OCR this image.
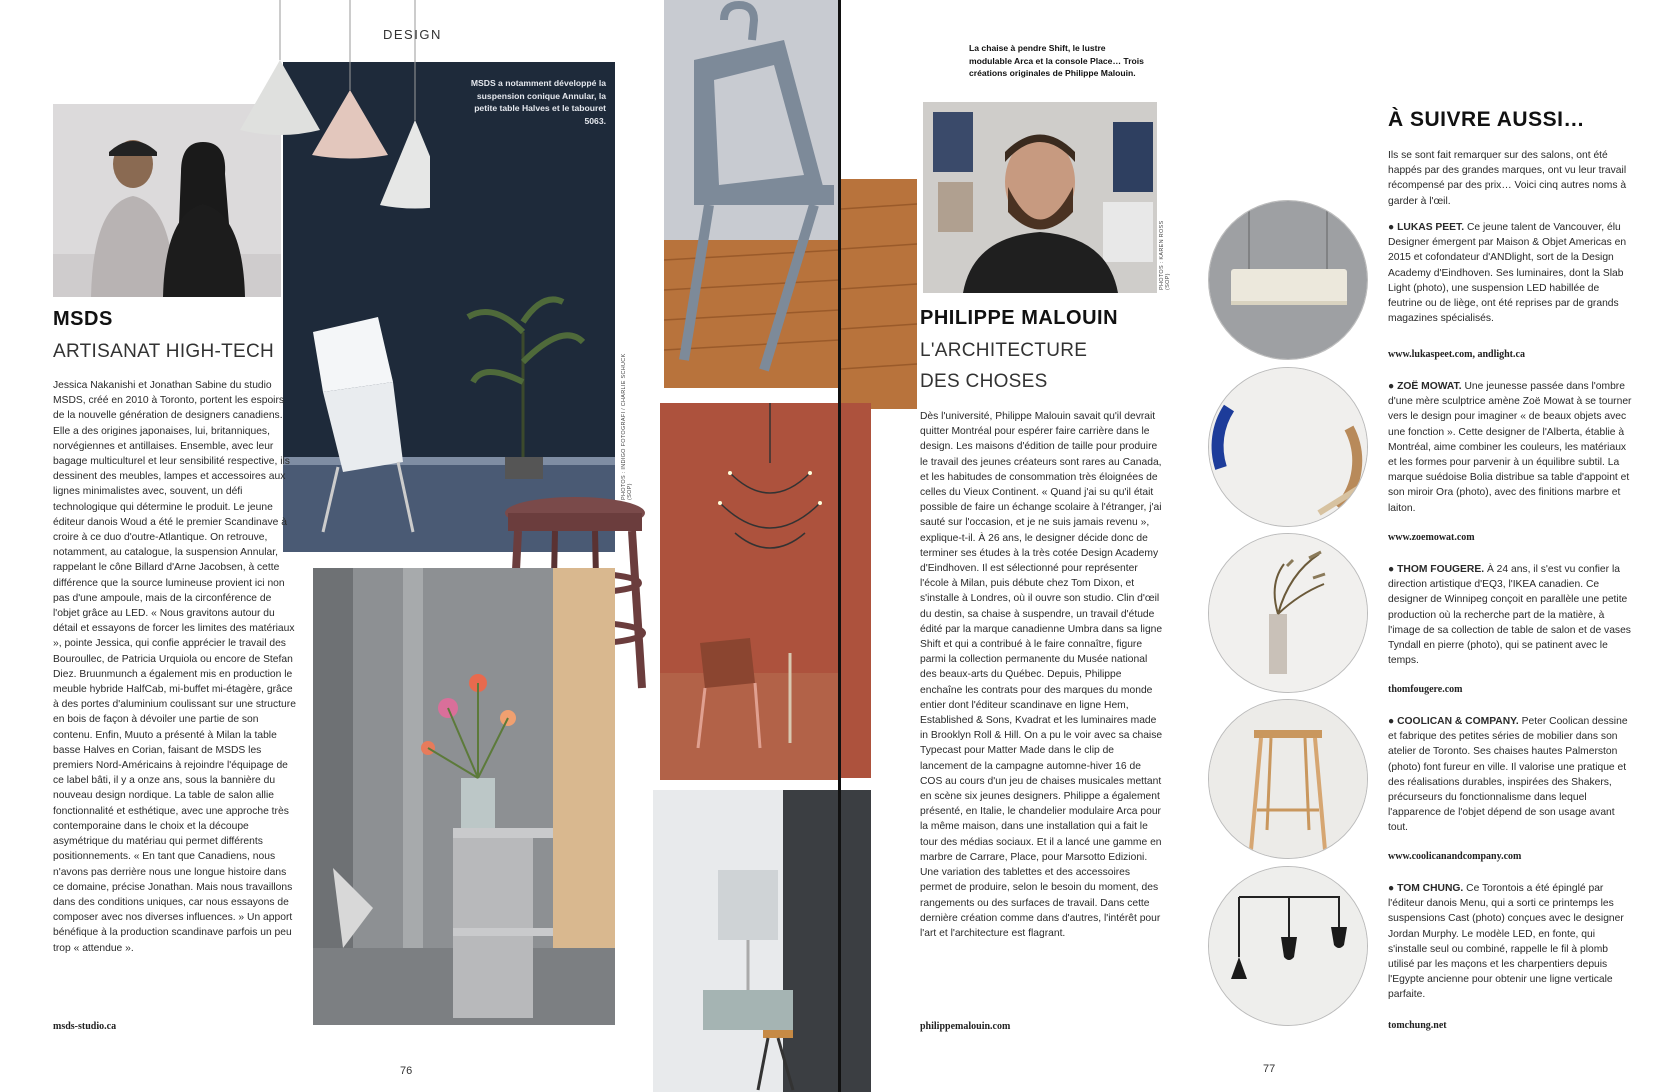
DESIGN
MSDS a notamment développé la suspension conique Annular, la petite table Halves et le tabouret 5063.
PHOTOS : INDIGO FOTOGRAFI / CHARLIE SCHUCK (SOP)
MSDS
ARTISANAT HIGH-TECH
Jessica Nakanishi et Jonathan Sabine du studio MSDS, créé en 2010 à Toronto, portent les espoirs de la nouvelle génération de designers canadiens. Elle a des origines japonaises, lui, britanniques, norvégiennes et antillaises. Ensemble, avec leur bagage multiculturel et leur sensibilité respective, ils dessinent des meubles, lampes et accessoires aux lignes minimalistes avec, souvent, un défi technologique qui détermine le produit. Le jeune éditeur danois Woud a été le premier Scandinave à croire à ce duo d'outre-Atlantique. On retrouve, notamment, au catalogue, la suspension Annular, rappelant le cône Billard d'Arne Jacobsen, à cette différence que la source lumineuse provient ici non pas d'une ampoule, mais de la circonférence de l'objet grâce au LED. « Nous gravitons autour du détail et essayons de forcer les limites des matériaux », pointe Jessica, qui confie apprécier le travail des Bouroullec, de Patricia Urquiola ou encore de Stefan Diez. Bruunmunch a également mis en production le meuble hybride HalfCab, mi-buffet mi-étagère, grâce à des portes d'aluminium coulissant sur une structure en bois de façon à dévoiler une partie de son contenu. Enfin, Muuto a présenté à Milan la table basse Halves en Corian, faisant de MSDS les premiers Nord-Américains à rejoindre l'équipage de ce label bâti, il y a onze ans, sous la bannière du nouveau design nordique. La table de salon allie fonctionnalité et esthétique, avec une approche très contemporaine dans le choix et la découpe asymétrique du matériau qui permet différents positionnements. « En tant que Canadiens, nous n'avons pas derrière nous une longue histoire dans ce domaine, précise Jonathan. Mais nous travaillons dans des conditions uniques, car nous essayons de composer avec nos diverses influences. » Un apport bénéfique à la production scandinave parfois un peu trop « attendue ».
msds-studio.ca
76
La chaise à pendre Shift, le lustre modulable Arca et la console Place… Trois créations originales de Philippe Malouin.
PHOTOS : KAREN ROSS (SOP)
PHILIPPE MALOUIN
L'ARCHITECTURE
DES CHOSES
Dès l'université, Philippe Malouin savait qu'il devrait quitter Montréal pour espérer faire carrière dans le design. Les maisons d'édition de taille pour produire le travail des jeunes créateurs sont rares au Canada, et les habitudes de consommation très éloignées de celles du Vieux Continent. « Quand j'ai su qu'il était possible de faire un échange scolaire à l'étranger, j'ai sauté sur l'occasion, et je ne suis jamais revenu », explique-t-il. À 26 ans, le designer décide donc de terminer ses études à la très cotée Design Academy d'Eindhoven. Il est sélectionné pour représenter l'école à Milan, puis débute chez Tom Dixon, et s'installe à Londres, où il ouvre son studio. Clin d'œil du destin, sa chaise à suspendre, un travail d'étude édité par la marque canadienne Umbra dans sa ligne Shift et qui a contribué à le faire connaître, figure parmi la collection permanente du Musée national des beaux-arts du Québec. Depuis, Philippe enchaîne les contrats pour des marques du monde entier dont l'éditeur scandinave en ligne Hem, Established & Sons, Kvadrat et les luminaires made in Brooklyn Roll & Hill. On a pu le voir avec sa chaise Typecast pour Matter Made dans le clip de lancement de la campagne automne-hiver 16 de COS au cours d'un jeu de chaises musicales mettant en scène six jeunes designers. Philippe a également présenté, en Italie, le chandelier modulaire Arca pour la même maison, dans une installation qui a fait le tour des médias sociaux. Et il a lancé une gamme en marbre de Carrare, Place, pour Marsotto Edizioni. Une variation des tablettes et des accessoires permet de produire, selon le besoin du moment, des rangements ou des surfaces de travail. Dans cette dernière création comme dans d'autres, l'intérêt pour l'art et l'architecture est flagrant.
philippemalouin.com
À SUIVRE AUSSI…
Ils se sont fait remarquer sur des salons, ont été happés par des grandes marques, ont vu leur travail récompensé par des prix… Voici cinq autres noms à garder à l'œil.
● LUKAS PEET. Ce jeune talent de Vancouver, élu Designer émergent par Maison & Objet Americas en 2015 et cofondateur d'ANDlight, sort de la Design Academy d'Eindhoven. Ses luminaires, dont la Slab Light (photo), une suspension LED habillée de feutrine ou de liège, ont été reprises par de grands magazines spécialisés.
www.lukaspeet.com, andlight.ca
● ZOË MOWAT. Une jeunesse passée dans l'ombre d'une mère sculptrice amène Zoë Mowat à se tourner vers le design pour imaginer « de beaux objets avec une fonction ». Cette designer de l'Alberta, établie à Montréal, aime combiner les couleurs, les matériaux et les formes pour parvenir à un équilibre subtil. La marque suédoise Bolia distribue sa table d'appoint et son miroir Ora (photo), avec des finitions marbre et laiton.
www.zoemowat.com
● THOM FOUGERE. À 24 ans, il s'est vu confier la direction artistique d'EQ3, l'IKEA canadien. Ce designer de Winnipeg conçoit en parallèle une petite production où la recherche part de la matière, à l'image de sa collection de table de salon et de vases Tyndall en pierre (photo), qui se patinent avec le temps.
thomfougere.com
● COOLICAN & COMPANY. Peter Coolican dessine et fabrique des petites séries de mobilier dans son atelier de Toronto. Ses chaises hautes Palmerston (photo) font fureur en ville. Il valorise une pratique et des réalisations durables, inspirées des Shakers, précurseurs du fonctionnalisme dans lequel l'apparence de l'objet dépend de son usage avant tout.
www.coolicanandcompany.com
● TOM CHUNG. Ce Torontois a été épinglé par l'éditeur danois Menu, qui a sorti ce printemps les suspensions Cast (photo) conçues avec le designer Jordan Murphy. Le modèle LED, en fonte, qui s'installe seul ou combiné, rappelle le fil à plomb utilisé par les maçons et les charpentiers depuis l'Egypte ancienne pour obtenir une ligne verticale parfaite.
tomchung.net
77
